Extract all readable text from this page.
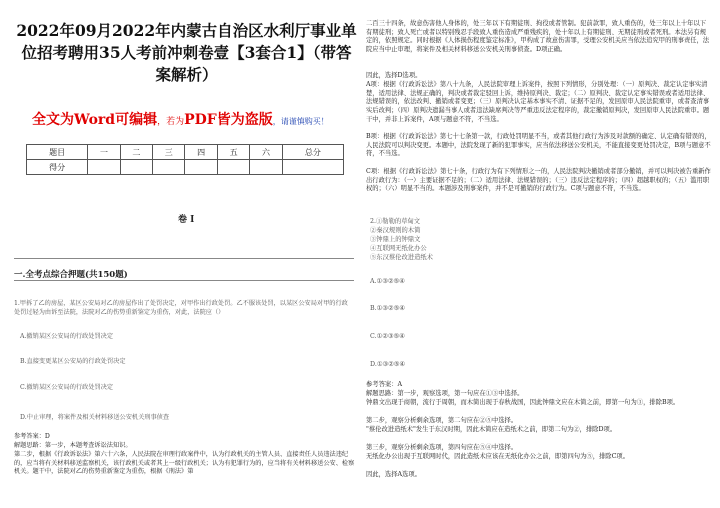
2022年09月2022年内蒙古自治区水利厅事业单位招考聘用35人考前冲刺卷壹【3套合1】（带答案解析）
全文为Word可编辑，若为PDF皆为盗版，请谨慎购买！
题目	一	二	三	四	五	六	总分
得分							
卷 I
一.全考点综合押题(共150题)
1.甲拆了乙的房屋，某区公安局对乙的房屋作出了处罚决定，对甲作出行政处罚。乙不服该处罚，以某区公安局对甲的行政处罚过轻为由诉至法院，法院对乙的伤势重新鉴定为重伤，对此，法院应（）
A.撤销某区公安局的行政处罚决定
B.直接变更某区公安局的行政处罚决定
C.撤销某区公安局的行政处罚决定
D.中止审理，将案件及相关材料移送公安机关刑事侦查
参考答案：D
解题思路：第一步，本题考查诉讼法知识。
第二步，根据《行政诉讼法》第六十六条，人民法院在审理行政案件中，认为行政机关的主管人员、直接责任人员违法违纪的，应当将有关材料移送监察机关，该行政机关或者其上一级行政机关；认为有犯罪行为的，应当将有关材料移送公安、检察机关。题干中，法院对乙的伤势重新鉴定为重伤，根据《刑法》第
二百三十四条，故意伤害他人身体的，处三年以下有期徒刑、拘役或者管制。犯前款罪，致人重伤的，处三年以上十年以下有期徒刑；致人死亡或者以特别残忍手段致人重伤造成严重残疾的，处十年以上有期徒刑、无期徒刑或者死刑。本法另有规定的，依照规定。同时根据《人体损伤程度鉴定标准》，甲构成了故意伤害罪，受理公安机关应当依法追究甲的刑事责任，法院应当中止审理，将案件及相关材料移送公安机关刑事侦查。D项正确。
因此，选择D选项。
A项：根据《行政诉讼法》第八十九条，人民法院审理上诉案件，按照下列情形，分别处理：（一）原判决、裁定认定事实清楚，适用法律、法规正确的，判决或者裁定驳回上诉，维持原判决、裁定；（二）原判决、裁定认定事实错误或者适用法律、法规错误的，依法改判、撤销或者变更；（三）原判决认定基本事实不清、证据不足的，发回原审人民法院重审，或者查清事实后改判；（四）原判决遗漏当事人或者违法缺席判决等严重违反法定程序的，裁定撤销原判决，发回原审人民法院重审。题干中，并非上诉案件，A项与题意不符，不当选。
B项：根据《行政诉讼法》第七十七条第一款，行政处罚明显不当，或者其他行政行为涉及对款额的确定、认定确有错误的，人民法院可以判决变更。本题中，法院发现了新的犯罪事实，应当依法移送公安机关，不能直接变更处罚决定，B项与题意不符，不当选。
C项：根据《行政诉讼法》第七十条，行政行为有下列情形之一的，人民法院判决撤销或者部分撤销，并可以判决被告重新作出行政行为：（一）主要证据不足的；（二）适用法律、法规错误的；（三）违反法定程序的；（四）超越职权的；（五）滥用职权的；（六）明显不当的。本题涉及刑事案件，并不是可撤销的行政行为。C项与题意不符，不当选。
2.①勒勒的草甸文
②秦汉规则的木简
③钟鼎上的钟鼎文
④互联网无纸化办公
⑤东汉蔡伦改进造纸术
A.①③②⑤④
B.①③②⑤④
C.①②③⑤④
D.①③②⑤④
参考答案：A
解题思路：第一步，观察选项，第一句应在①③中选择。
钟鼎文出现于商朝，流行于周朝，而木简出现于春秋战国，因此钟鼎文应在木简之前，即第一句为③，排除B项。
第二步，观察分析剩余选项，第二句应在②⑤中选择。
"蔡伦改进造纸术"发生于东汉时期，因此木简应在造纸术之前，即第二句为②，排除D项。
第三步，观察分析剩余选项，第四句应在⑤④中选择。
无纸化办公出现于互联网时代，因此造纸术应该在无纸化办公之前，即第四句为⑤，排除C项。
因此，选择A选项。
